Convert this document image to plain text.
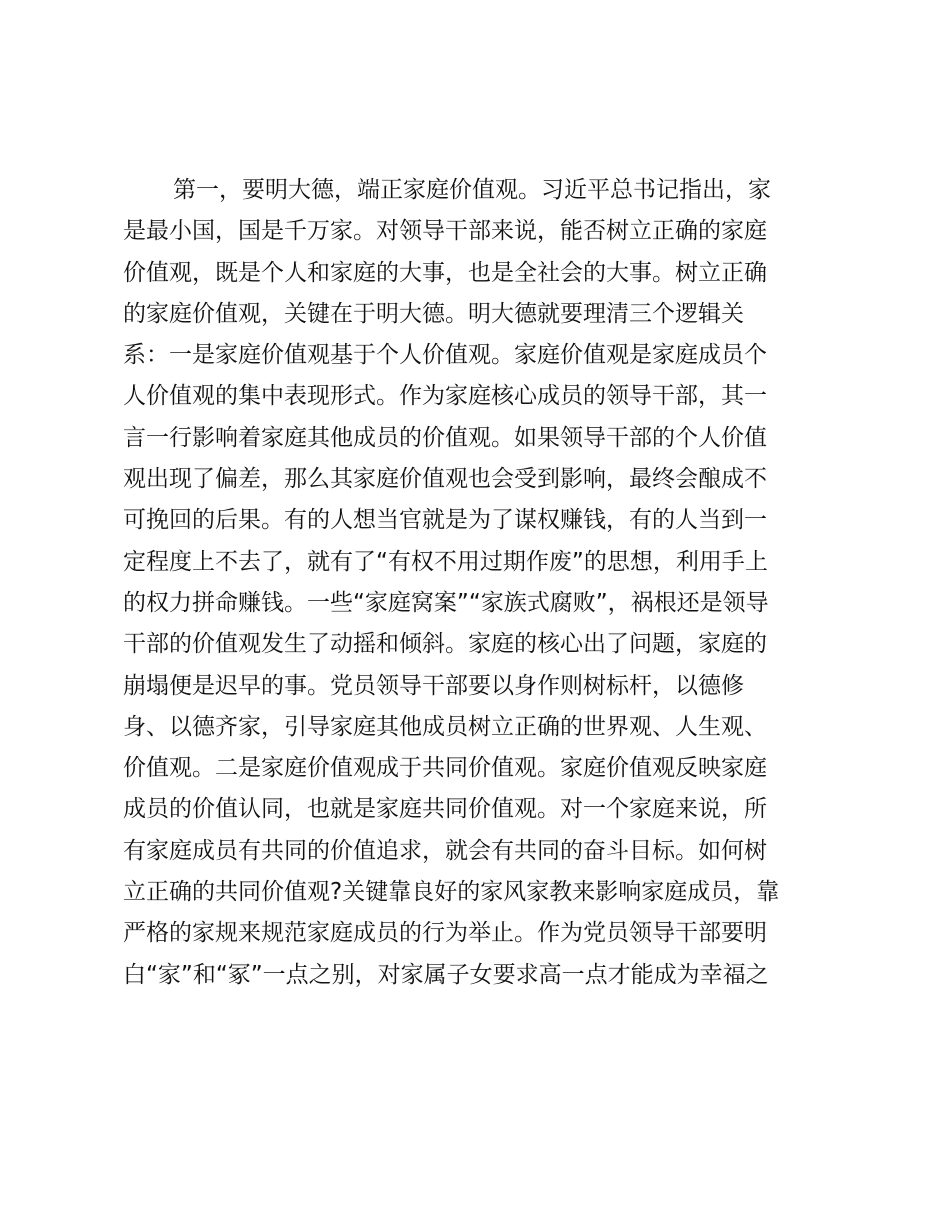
第一，要明大德，端正家庭价值观。习近平总书记指出，家
是最小国，国是千万家。对领导干部来说，能否树立正确的家庭
价值观，既是个人和家庭的大事，也是全社会的大事。树立正确
的家庭价值观，关键在于明大德。明大德就要理清三个逻辑关
系：一是家庭价值观基于个人价值观。家庭价值观是家庭成员个
人价值观的集中表现形式。作为家庭核心成员的领导干部，其一
言一行影响着家庭其他成员的价值观。如果领导干部的个人价值
观出现了偏差，那么其家庭价值观也会受到影响，最终会酿成不
可挽回的后果。有的人想当官就是为了谋权赚钱，有的人当到一
定程度上不去了，就有了“有权不用过期作废”的思想，利用手上
的权力拼命赚钱。一些“家庭窝案”“家族式腐败”，祸根还是领导
干部的价值观发生了动摇和倾斜。家庭的核心出了问题，家庭的
崩塌便是迟早的事。党员领导干部要以身作则树标杆，以德修
身、以德齐家，引导家庭其他成员树立正确的世界观、人生观、
价值观。二是家庭价值观成于共同价值观。家庭价值观反映家庭
成员的价值认同，也就是家庭共同价值观。对一个家庭来说，所
有家庭成员有共同的价值追求，就会有共同的奋斗目标。如何树
立正确的共同价值观?关键靠良好的家风家教来影响家庭成员，靠
严格的家规来规范家庭成员的行为举止。作为党员领导干部要明
白“家”和“冢”一点之别，对家属子女要求高一点才能成为幸福之
